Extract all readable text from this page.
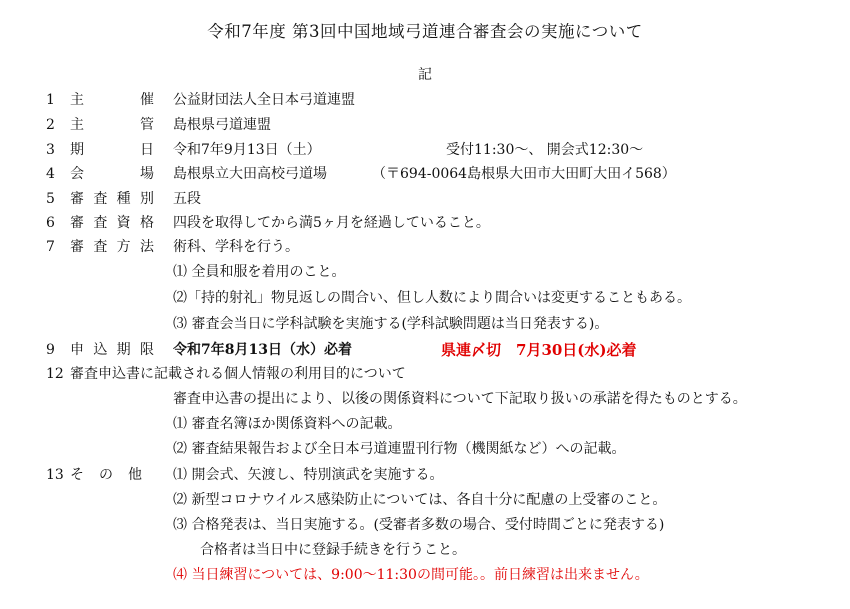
令和7年度 第3回中国地域弓道連合審査会の実施について
記
1	主	催 公益財団法人全日本弓道連盟
2	主	管 島根県弓道連盟
3	期	日 令和7年9月13日（土）	受付11:30～、 開会式12:30～
4	会	場 島根県立大田高校弓道場	（〒694-0064島根県大田市大田町大田イ568）
5	審 査 種 別 五段
6	審 査 資 格 四段を取得してから満5ヶ月を経過していること。
7	審 査 方 法 術科、学科を行う。
⑴ 全員和服を着用のこと。
⑵「持的射礼」物見返しの間合い、但し人数により間合いは変更することもある。
⑶ 審査会当日に学科試験を実施する(学科試験問題は当日発表する)。
9	申 込 期 限 令和7年8月13日（水）必着	県連〆切　7月30日(水)必着
12 審査申込書に記載される個人情報の利用目的について
審査申込書の提出により、以後の関係資料について下記取り扱いの承諾を得たものとする。
⑴ 審査名簿ほか関係資料への記載。
⑵ 審査結果報告および全日本弓道連盟刊行物（機関紙など）への記載。
13 そ の 他 ⑴ 開会式、矢渡し、特別演武を実施する。
⑵ 新型コロナウイルス感染防止については、各自十分に配慮の上受審のこと。
⑶ 合格発表は、当日実施する。(受審者多数の場合、受付時間ごとに発表する)
合格者は当日中に登録手続きを行うこと。
⑷ 当日練習については、9:00～11:30の間可能。。前日練習は出来ません。
